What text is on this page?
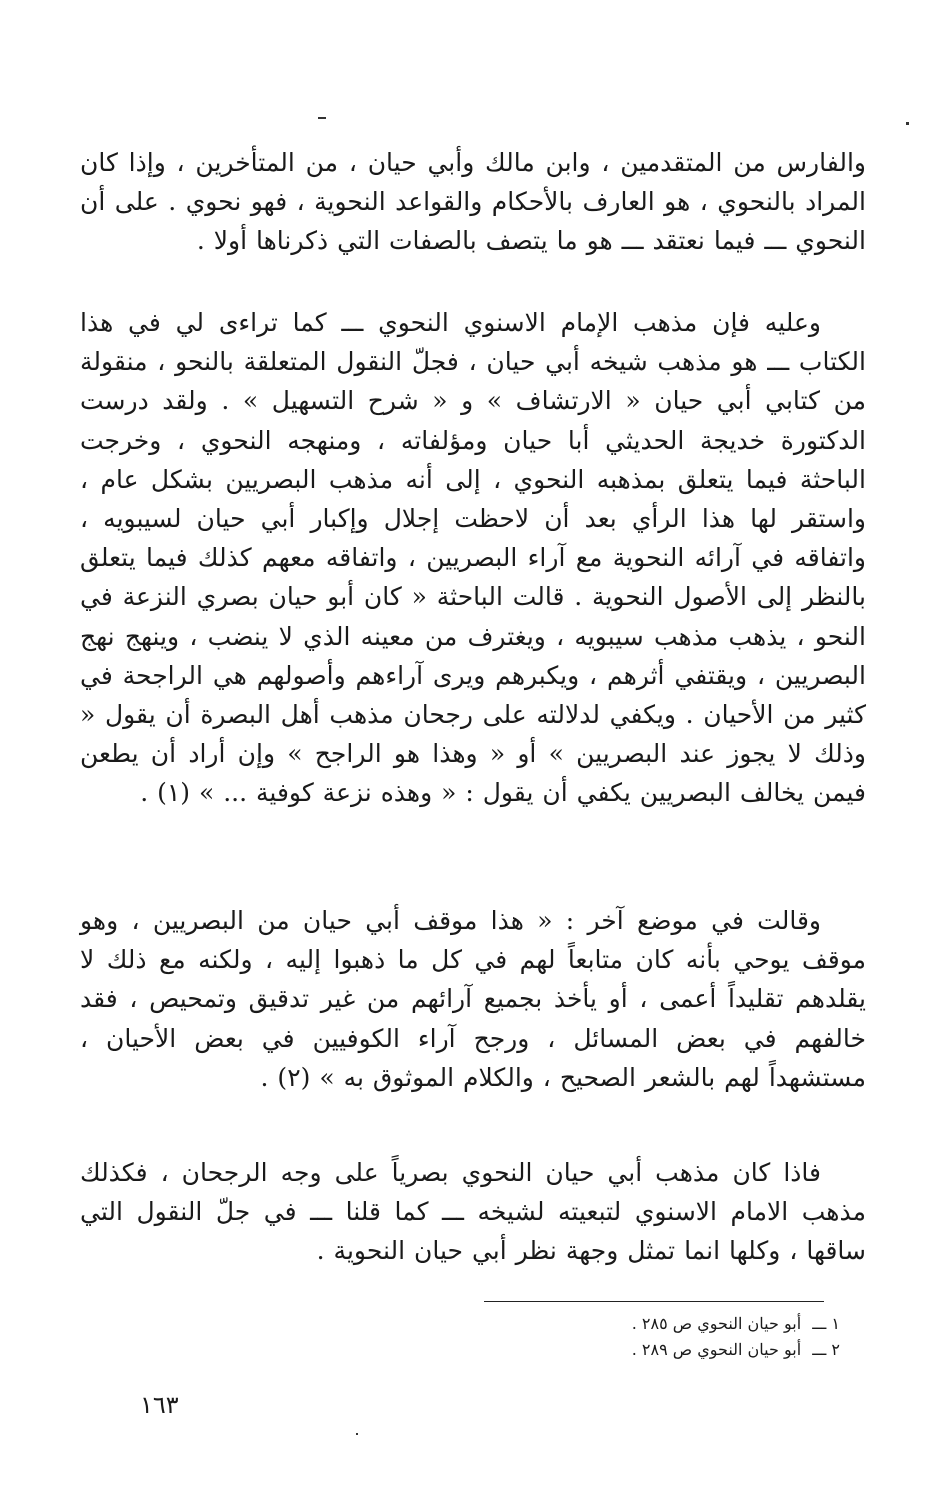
والفارس من المتقدمين ، وابن مالك وأبي حيان ، من المتأخرين ، وإذا كان المراد بالنحوي ، هو العارف بالأحكام والقواعد النحوية ، فهو نحوي . على أن النحوي ـــ فيما نعتقد ـــ هو ما يتصف بالصفات التي ذكرناها أولا .

وعليه فإن مذهب الإمام الاسنوي النحوي ـــ كما تراءى لي في هذا الكتاب ـــ هو مذهب شيخه أبي حيان ، فجلّ النقول المتعلقة بالنحو ، منقولة من كتابي أبي حيان « الارتشاف » و « شرح التسهيل » . ولقد درست الدكتورة خديجة الحديثي أبا حيان ومؤلفاته ، ومنهجه النحوي ، وخرجت الباحثة فيما يتعلق بمذهبه النحوي ، إلى أنه مذهب البصريين بشكل عام ، واستقر لها هذا الرأي بعد أن لاحظت إجلال وإكبار أبي حيان لسيبويه ، واتفاقه في آرائه النحوية مع آراء البصريين ، واتفاقه معهم كذلك فيما يتعلق بالنظر إلى الأصول النحوية . قالت الباحثة « كان أبو حيان بصري النزعة في النحو ، يذهب مذهب سيبويه ، ويغترف من معينه الذي لا ينضب ، وينهج نهج البصريين ، ويقتفي أثرهم ، ويكبرهم ويرى آراءهم وأصولهم هي الراجحة في كثير من الأحيان . ويكفي لدلالته على رجحان مذهب أهل البصرة أن يقول « وذلك لا يجوز عند البصريين » أو « وهذا هو الراجح » وإن أراد أن يطعن فيمن يخالف البصريين يكفي أن يقول : « وهذه نزعة كوفية ... » (١) .

وقالت في موضع آخر : « هذا موقف أبي حيان من البصريين ، وهو موقف يوحي بأنه كان متابعاً لهم في كل ما ذهبوا إليه ، ولكنه مع ذلك لا يقلدهم تقليداً أعمى ، أو يأخذ بجميع آرائهم من غير تدقيق وتمحيص ، فقد خالفهم في بعض المسائل ، ورجح آراء الكوفيين في بعض الأحيان ، مستشهداً لهم بالشعر الصحيح ، والكلام الموثوق به » (٢) .

فاذا كان مذهب أبي حيان النحوي بصرياً على وجه الرجحان ، فكذلك مذهب الامام الاسنوي لتبعيته لشيخه ـــ كما قلنا ـــ في جلّ النقول التي ساقها ، وكلها انما تمثل وجهة نظر أبي حيان النحوية .

١ ـــ أبو حيان النحوي ص ٢٨٥ .
٢ ـــ أبو حيان النحوي ص ٢٨٩ .
١٦٣
